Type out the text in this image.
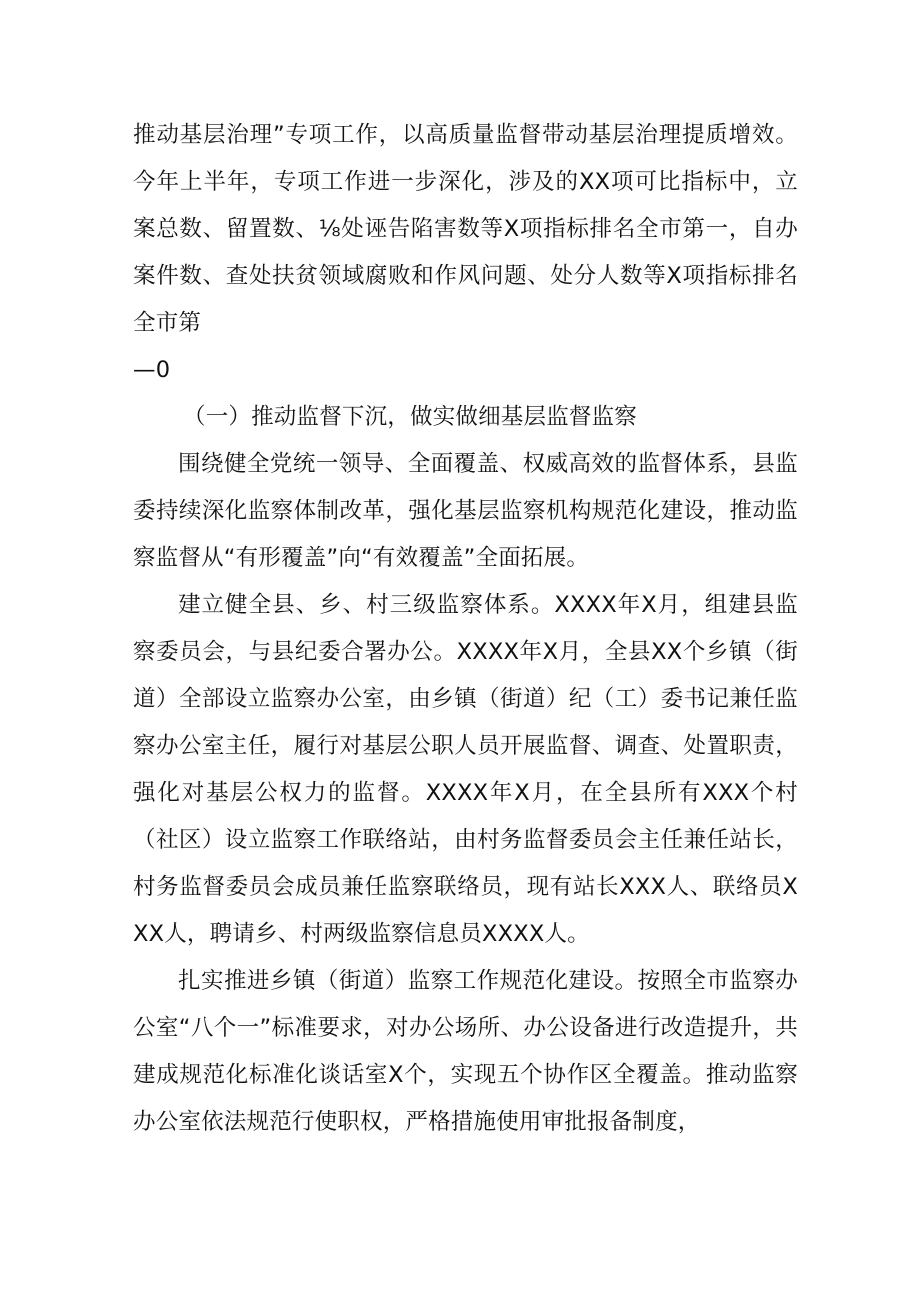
推动基层治理”专项工作，以高质量监督带动基层治理提质增效。今年上半年，专项工作进一步深化，涉及的XX项可比指标中，立案总数、留置数、⅛处诬告陷害数等X项指标排名全市第一，自办案件数、查处扶贫领域腐败和作风问题、处分人数等X项指标排名全市第

—0

（一）推动监督下沉，做实做细基层监督监察

围绕健全党统一领导、全面覆盖、权威高效的监督体系，县监委持续深化监察体制改革，强化基层监察机构规范化建设，推动监察监督从“有形覆盖”向“有效覆盖”全面拓展。

建立健全县、乡、村三级监察体系。XXXX年X月，组建县监察委员会，与县纪委合署办公。XXXX年X月，全县XX个乡镇（街道）全部设立监察办公室，由乡镇（街道）纪（工）委书记兼任监察办公室主任，履行对基层公职人员开展监督、调查、处置职责，强化对基层公权力的监督。XXXX年X月，在全县所有XXX个村（社区）设立监察工作联络站，由村务监督委员会主任兼任站长，村务监督委员会成员兼任监察联络员，现有站长XXX人、联络员XXX人，聘请乡、村两级监察信息员XXXX人。

扎实推进乡镇（街道）监察工作规范化建设。按照全市监察办公室“八个一”标准要求，对办公场所、办公设备进行改造提升，共建成规范化标准化谈话室X个，实现五个协作区全覆盖。推动监察办公室依法规范行使职权，严格措施使用审批报备制度，
